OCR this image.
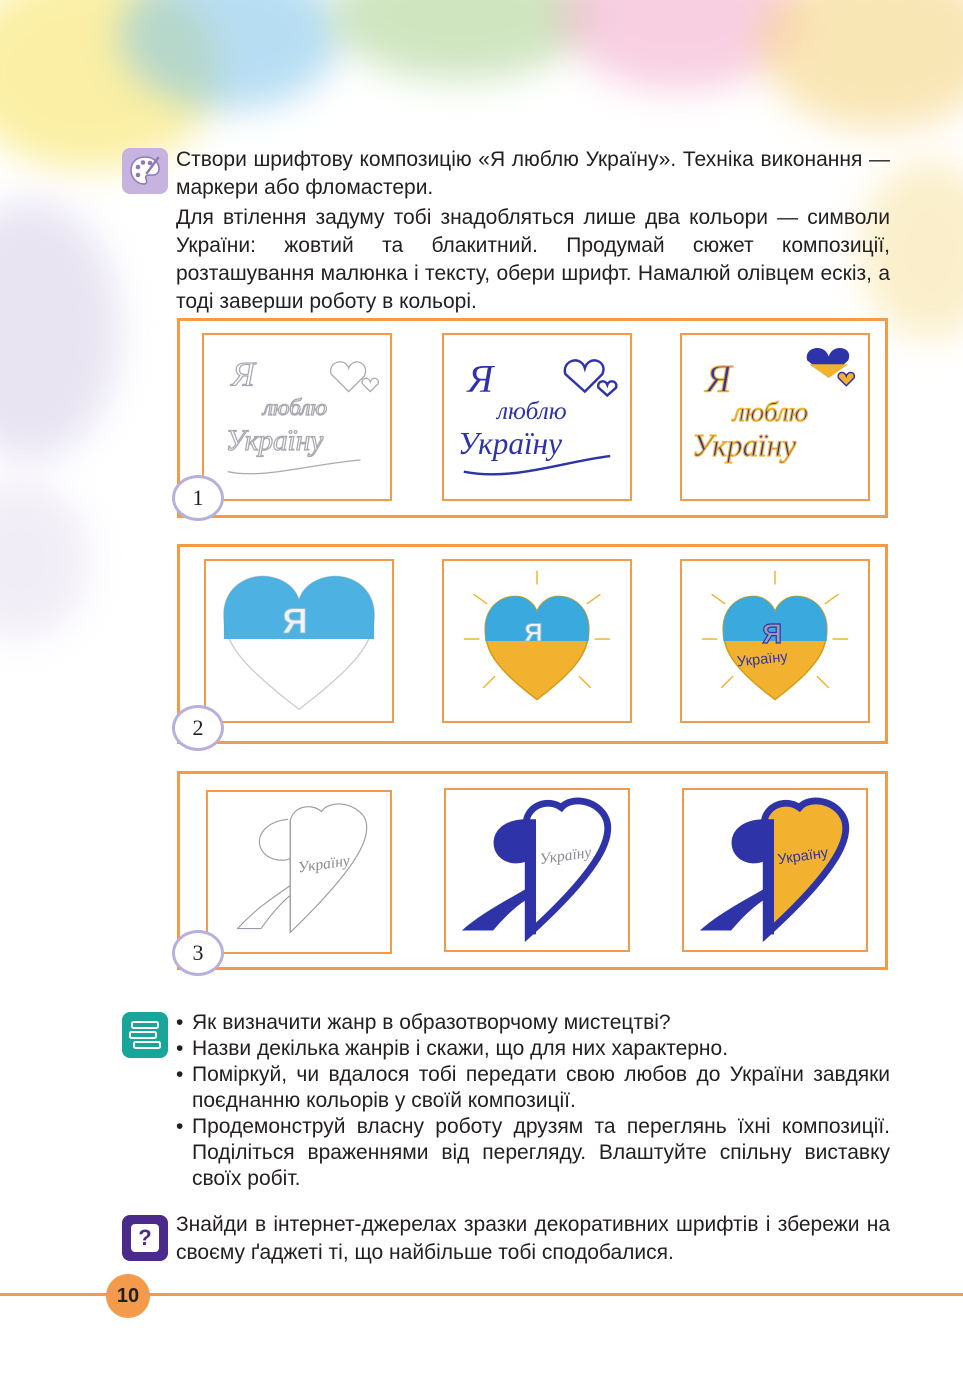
Створи шрифтову композицію «Я люблю Україну». Техніка виконання — маркери або фломастери.

Для втілення задуму тобі знадобляться лише два кольори — символи України: жовтий та блакитний. Продумай сюжет композиції, розташування малюнка і тексту, обери шрифт. Намалюй олівцем ескіз, а тоді заверши роботу в кольорі.

Я
люблю
Україну
Я
люблю
Україну
Я
люблю
Україну
1
Я	Я	Я
Україну
2
Україну	Україну	Україну
3
• Як визначити жанр в образотворчому мистецтві?
• Назви декілька жанрів і скажи, що для них характерно.
• Поміркуй, чи вдалося тобі передати свою любов до України завдяки поєднанню кольорів у своїй композиції.
• Продемонструй власну роботу друзям та переглянь їхні композиції. Поділіться враженнями від перегляду. Влаштуйте спільну виставку своїх робіт.
?

Знайди в інтернет-джерелах зразки декоративних шрифтів і збережи на своєму ґаджеті ті, що найбільше тобі сподобалися.

10
